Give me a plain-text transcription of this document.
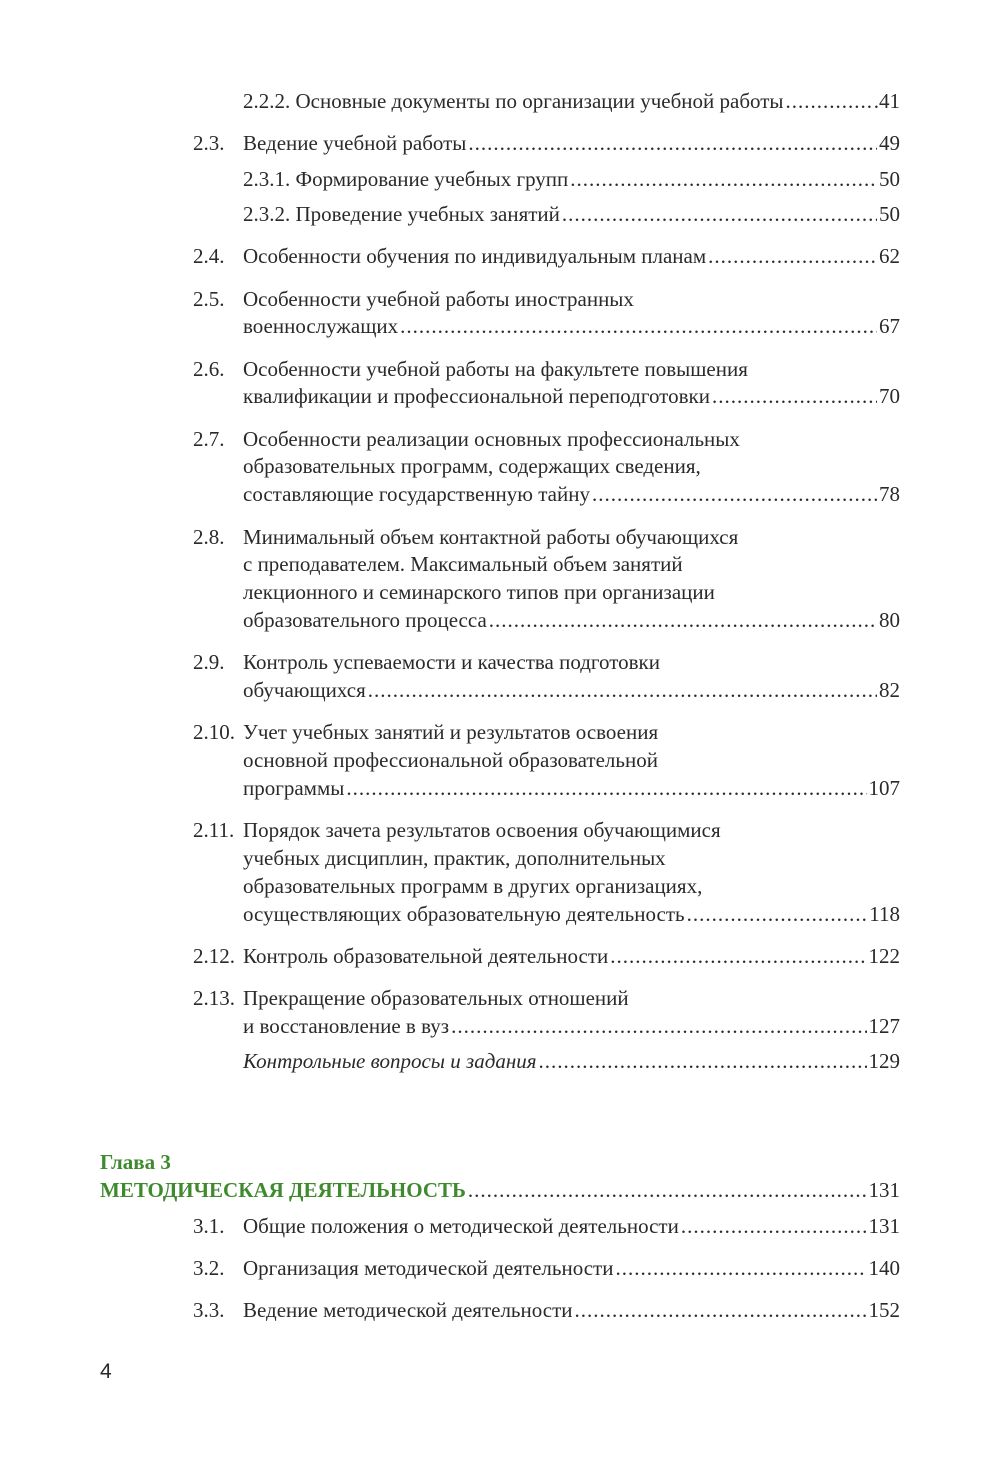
2.2.2. Основные документы по организации учебной работы .....	.41
2.3. Ведение учебной работы .....	49
2.3.1. Формирование учебных групп .....	50
2.3.2. Проведение учебных занятий .....	50
2.4. Особенности обучения по индивидуальным планам .....	62
2.5. Особенности учебной работы иностранных
военнослужащих .....	67
2.6. Особенности учебной работы на факультете повышения
квалификации и профессиональной переподготовки .....	70
2.7. Особенности реализации основных профессиональных
образовательных программ, содержащих сведения,
составляющие государственную тайну .....	78
2.8. Минимальный объем контактной работы обучающихся
с преподавателем. Максимальный объем занятий
лекционного и семинарского типов при организации
образовательного процесса .....	80
2.9. Контроль успеваемости и качества подготовки
обучающихся .....	82
2.10. Учет учебных занятий и результатов освоения
основной профессиональной образовательной
программы .....	107
2.11. Порядок зачета результатов освоения обучающимися
учебных дисциплин, практик, дополнительных
образовательных программ в других организациях,
осуществляющих образовательную деятельность .....	118
2.12. Контроль образовательной деятельности .....	122
2.13. Прекращение образовательных отношений
и восстановление в вуз .....	127
Контрольные вопросы и задания .....	129
3.1. Общие положения о методической деятельности .....	131
3.2. Организация методической деятельности .....	140
3.3. Ведение методической деятельности .....	152
Глава 3
МЕТОДИЧЕСКАЯ ДЕЯТЕЛЬНОСТЬ .....	131
4
